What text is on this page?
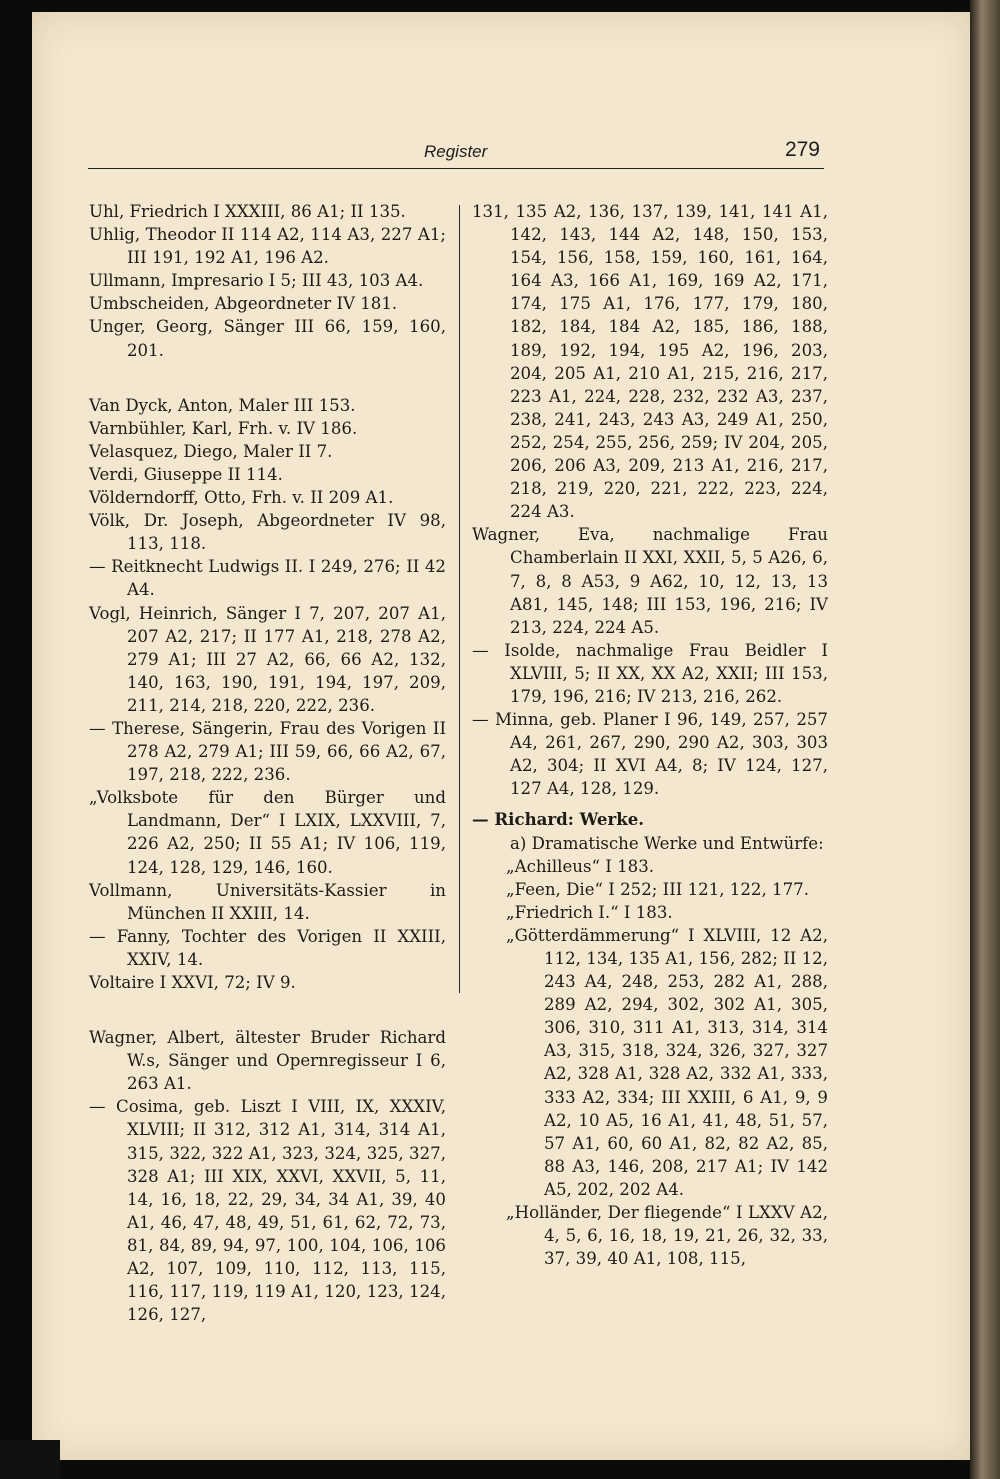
Register	279
Uhl, Friedrich I XXXIII, 86 A1; II 135.
Uhlig, Theodor II 114 A2, 114 A3, 227 A1; III 191, 192 A1, 196 A2.
Ullmann, Impresario I 5; III 43, 103 A4.
Umbscheiden, Abgeordneter IV 181.
Unger, Georg, Sänger III 66, 159, 160, 201.
Van Dyck, Anton, Maler III 153.
Varnbühler, Karl, Frh. v. IV 186.
Velasquez, Diego, Maler II 7.
Verdi, Giuseppe II 114.
Völderndorff, Otto, Frh. v. II 209 A1.
Völk, Dr. Joseph, Abgeordneter IV 98, 113, 118.
— Reitknecht Ludwigs II. I 249, 276; II 42 A4.
Vogl, Heinrich, Sänger I 7, 207, 207 A1, 207 A2, 217; II 177 A1, 218, 278 A2, 279 A1; III 27 A2, 66, 66 A2, 132, 140, 163, 190, 191, 194, 197, 209, 211, 214, 218, 220, 222, 236.
— Therese, Sängerin, Frau des Vorigen II 278 A2, 279 A1; III 59, 66, 66 A2, 67, 197, 218, 222, 236.
„Volksbote für den Bürger und Landmann, Der“ I LXIX, LXXVIII, 7, 226 A2, 250; II 55 A1; IV 106, 119, 124, 128, 129, 146, 160.
Vollmann, Universitäts-Kassier in München II XXIII, 14.
— Fanny, Tochter des Vorigen II XXIII, XXIV, 14.
Voltaire I XXVI, 72; IV 9.
Wagner, Albert, ältester Bruder Richard W.s, Sänger und Opernregisseur I 6, 263 A1.
— Cosima, geb. Liszt I VIII, IX, XXXIV, XLVIII; II 312, 312 A1, 314, 314 A1, 315, 322, 322 A1, 323, 324, 325, 327, 328 A1; III XIX, XXVI, XXVII, 5, 11, 14, 16, 18, 22, 29, 34, 34 A1, 39, 40 A1, 46, 47, 48, 49, 51, 61, 62, 72, 73, 81, 84, 89, 94, 97, 100, 104, 106, 106 A2, 107, 109, 110, 112, 113, 115, 116, 117, 119, 119 A1, 120, 123, 124, 126, 127,
131, 135 A2, 136, 137, 139, 141, 141 A1, 142, 143, 144 A2, 148, 150, 153, 154, 156, 158, 159, 160, 161, 164, 164 A3, 166 A1, 169, 169 A2, 171, 174, 175 A1, 176, 177, 179, 180, 182, 184, 184 A2, 185, 186, 188, 189, 192, 194, 195 A2, 196, 203, 204, 205 A1, 210 A1, 215, 216, 217, 223 A1, 224, 228, 232, 232 A3, 237, 238, 241, 243, 243 A3, 249 A1, 250, 252, 254, 255, 256, 259; IV 204, 205, 206, 206 A3, 209, 213 A1, 216, 217, 218, 219, 220, 221, 222, 223, 224, 224 A3.
Wagner, Eva, nachmalige Frau Chamberlain II XXI, XXII, 5, 5 A26, 6, 7, 8, 8 A53, 9 A62, 10, 12, 13, 13 A81, 145, 148; III 153, 196, 216; IV 213, 224, 224 A5.
— Isolde, nachmalige Frau Beidler I XLVIII, 5; II XX, XX A2, XXII; III 153, 179, 196, 216; IV 213, 216, 262.
— Minna, geb. Planer I 96, 149, 257, 257 A4, 261, 267, 290, 290 A2, 303, 303 A2, 304; II XVI A4, 8; IV 124, 127, 127 A4, 128, 129.
— Richard: Werke.
a) Dramatische Werke und Entwürfe:
„Achilleus“ I 183.
„Feen, Die“ I 252; III 121, 122, 177.
„Friedrich I.“ I 183.
„Götterdämmerung“ I XLVIII, 12 A2, 112, 134, 135 A1, 156, 282; II 12, 243 A4, 248, 253, 282 A1, 288, 289 A2, 294, 302, 302 A1, 305, 306, 310, 311 A1, 313, 314, 314 A3, 315, 318, 324, 326, 327, 327 A2, 328 A1, 328 A2, 332 A1, 333, 333 A2, 334; III XXIII, 6 A1, 9, 9 A2, 10 A5, 16 A1, 41, 48, 51, 57, 57 A1, 60, 60 A1, 82, 82 A2, 85, 88 A3, 146, 208, 217 A1; IV 142 A5, 202, 202 A4.
„Holländer, Der fliegende“ I LXXV A2, 4, 5, 6, 16, 18, 19, 21, 26, 32, 33, 37, 39, 40 A1, 108, 115,
